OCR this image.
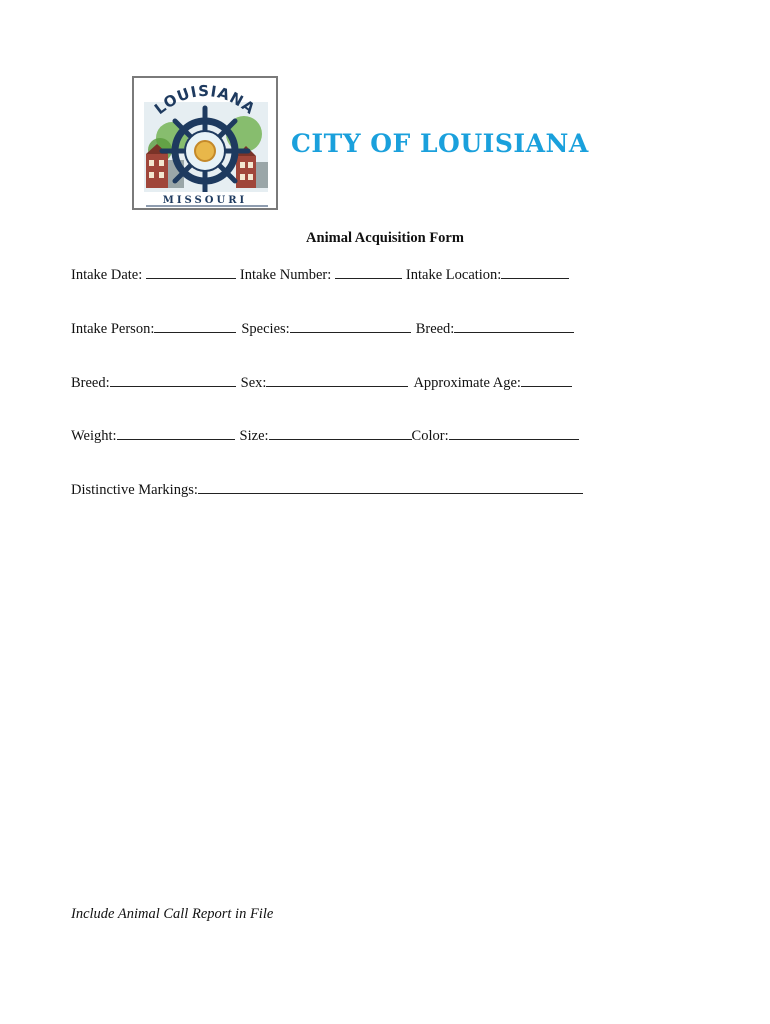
LOUISIANA
MISSOURI
CITY OF LOUISIANA
Animal Acquisition Form
Intake Date:	Intake Number:	Intake Location:
Intake Person:	Species:	Breed:
Breed:	Sex:	Approximate Age:
Weight:	Size:	Color:
Distinctive Markings:

Include Animal Call Report in File
